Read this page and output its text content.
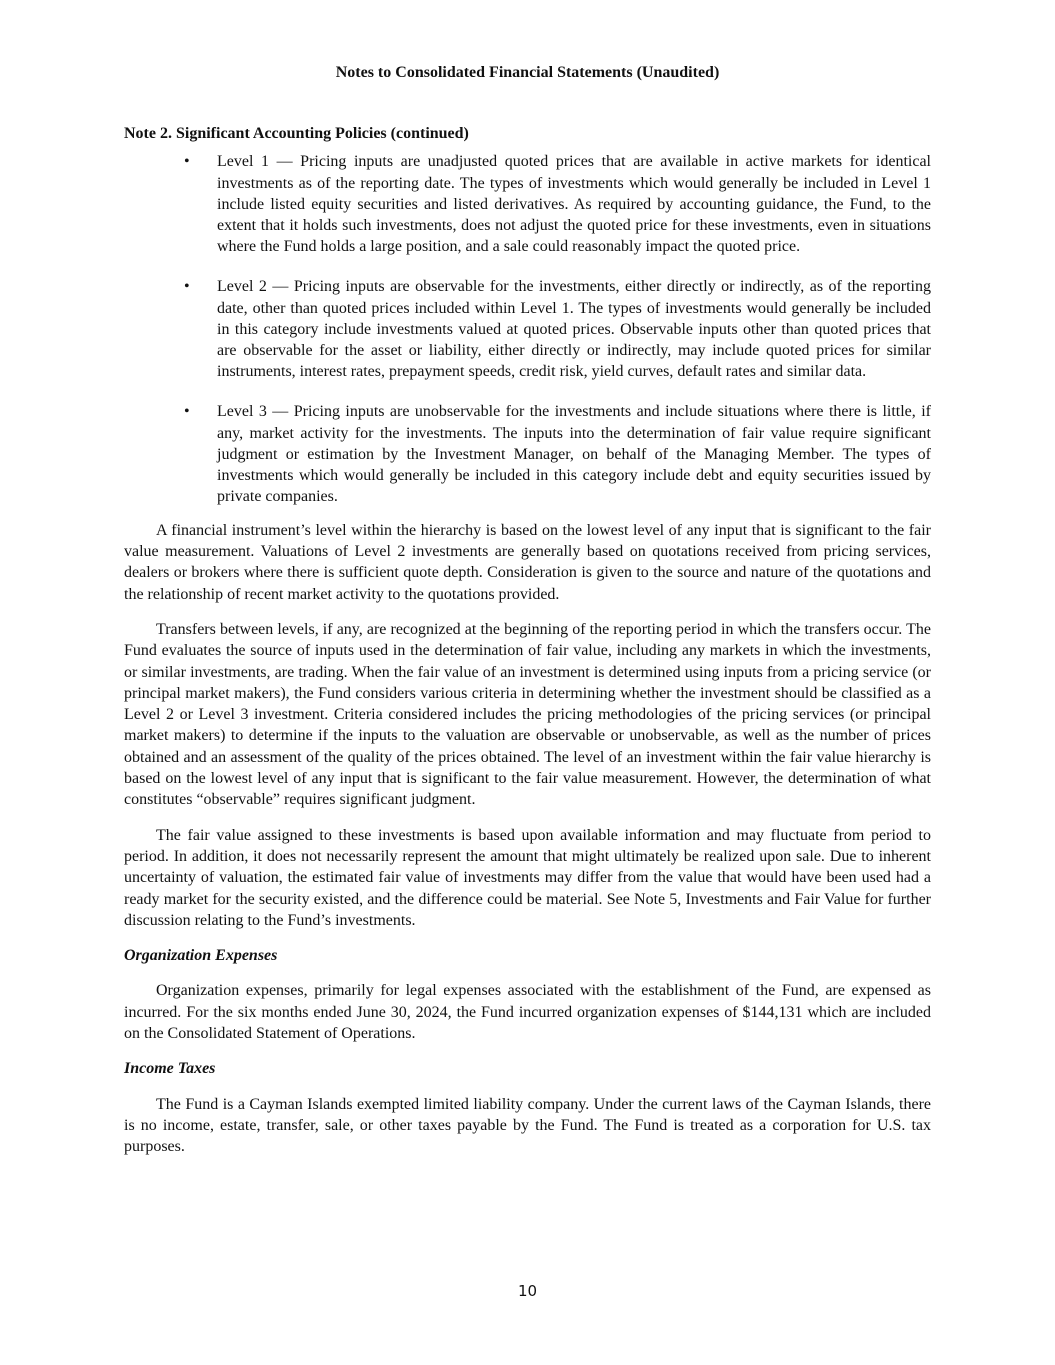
Notes to Consolidated Financial Statements (Unaudited)
Note 2. Significant Accounting Policies (continued)
• Level 1 — Pricing inputs are unadjusted quoted prices that are available in active markets for identical investments as of the reporting date. The types of investments which would generally be included in Level 1 include listed equity securities and listed derivatives. As required by accounting guidance, the Fund, to the extent that it holds such investments, does not adjust the quoted price for these investments, even in situations where the Fund holds a large position, and a sale could reasonably impact the quoted price.
• Level 2 — Pricing inputs are observable for the investments, either directly or indirectly, as of the reporting date, other than quoted prices included within Level 1. The types of investments would generally be included in this category include investments valued at quoted prices. Observable inputs other than quoted prices that are observable for the asset or liability, either directly or indirectly, may include quoted prices for similar instruments, interest rates, prepayment speeds, credit risk, yield curves, default rates and similar data.
• Level 3 — Pricing inputs are unobservable for the investments and include situations where there is little, if any, market activity for the investments. The inputs into the determination of fair value require significant judgment or estimation by the Investment Manager, on behalf of the Managing Member. The types of investments which would generally be included in this category include debt and equity securities issued by private companies.

A financial instrument’s level within the hierarchy is based on the lowest level of any input that is significant to the fair value measurement. Valuations of Level 2 investments are generally based on quotations received from pricing services, dealers or brokers where there is sufficient quote depth. Consideration is given to the source and nature of the quotations and the relationship of recent market activity to the quotations provided.

Transfers between levels, if any, are recognized at the beginning of the reporting period in which the transfers occur. The Fund evaluates the source of inputs used in the determination of fair value, including any markets in which the investments, or similar investments, are trading. When the fair value of an investment is determined using inputs from a pricing service (or principal market makers), the Fund considers various criteria in determining whether the investment should be classified as a Level 2 or Level 3 investment. Criteria considered includes the pricing methodologies of the pricing services (or principal market makers) to determine if the inputs to the valuation are observable or unobservable, as well as the number of prices obtained and an assessment of the quality of the prices obtained. The level of an investment within the fair value hierarchy is based on the lowest level of any input that is significant to the fair value measurement. However, the determination of what constitutes “observable” requires significant judgment.

The fair value assigned to these investments is based upon available information and may fluctuate from period to period. In addition, it does not necessarily represent the amount that might ultimately be realized upon sale. Due to inherent uncertainty of valuation, the estimated fair value of investments may differ from the value that would have been used had a ready market for the security existed, and the difference could be material. See Note 5, Investments and Fair Value for further discussion relating to the Fund’s investments.

Organization Expenses

Organization expenses, primarily for legal expenses associated with the establishment of the Fund, are expensed as incurred. For the six months ended June 30, 2024, the Fund incurred organization expenses of $144,131 which are included on the Consolidated Statement of Operations.

Income Taxes

The Fund is a Cayman Islands exempted limited liability company. Under the current laws of the Cayman Islands, there is no income, estate, transfer, sale, or other taxes payable by the Fund. The Fund is treated as a corporation for U.S. tax purposes.

10
